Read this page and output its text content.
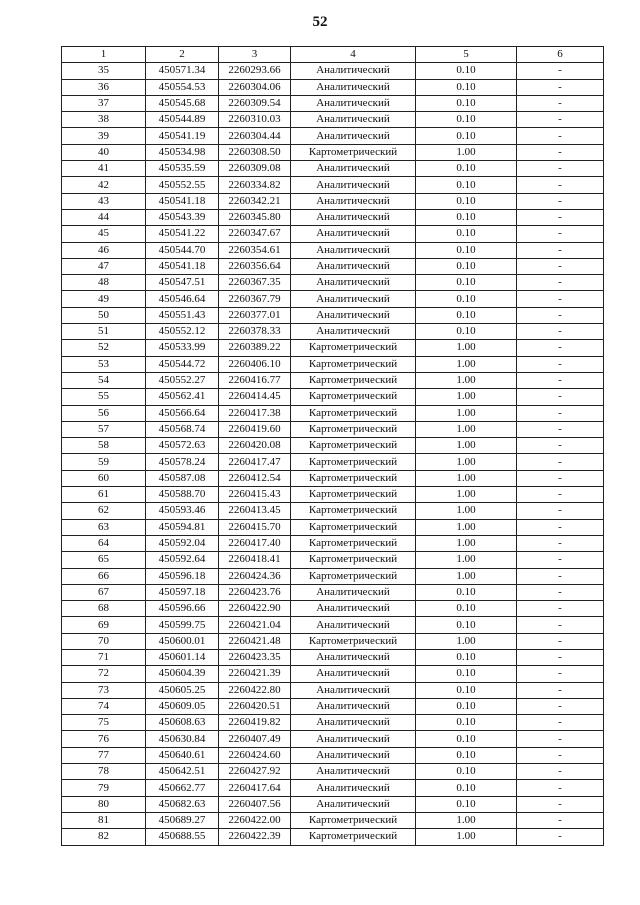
52
1	2	3	4	5	6
35	450571.34	2260293.66	Аналитический	0.10	-
36	450554.53	2260304.06	Аналитический	0.10	-
37	450545.68	2260309.54	Аналитический	0.10	-
38	450544.89	2260310.03	Аналитический	0.10	-
39	450541.19	2260304.44	Аналитический	0.10	-
40	450534.98	2260308.50	Картометрический	1.00	-
41	450535.59	2260309.08	Аналитический	0.10	-
42	450552.55	2260334.82	Аналитический	0.10	-
43	450541.18	2260342.21	Аналитический	0.10	-
44	450543.39	2260345.80	Аналитический	0.10	-
45	450541.22	2260347.67	Аналитический	0.10	-
46	450544.70	2260354.61	Аналитический	0.10	-
47	450541.18	2260356.64	Аналитический	0.10	-
48	450547.51	2260367.35	Аналитический	0.10	-
49	450546.64	2260367.79	Аналитический	0.10	-
50	450551.43	2260377.01	Аналитический	0.10	-
51	450552.12	2260378.33	Аналитический	0.10	-
52	450533.99	2260389.22	Картометрический	1.00	-
53	450544.72	2260406.10	Картометрический	1.00	-
54	450552.27	2260416.77	Картометрический	1.00	-
55	450562.41	2260414.45	Картометрический	1.00	-
56	450566.64	2260417.38	Картометрический	1.00	-
57	450568.74	2260419.60	Картометрический	1.00	-
58	450572.63	2260420.08	Картометрический	1.00	-
59	450578.24	2260417.47	Картометрический	1.00	-
60	450587.08	2260412.54	Картометрический	1.00	-
61	450588.70	2260415.43	Картометрический	1.00	-
62	450593.46	2260413.45	Картометрический	1.00	-
63	450594.81	2260415.70	Картометрический	1.00	-
64	450592.04	2260417.40	Картометрический	1.00	-
65	450592.64	2260418.41	Картометрический	1.00	-
66	450596.18	2260424.36	Картометрический	1.00	-
67	450597.18	2260423.76	Аналитический	0.10	-
68	450596.66	2260422.90	Аналитический	0.10	-
69	450599.75	2260421.04	Аналитический	0.10	-
70	450600.01	2260421.48	Картометрический	1.00	-
71	450601.14	2260423.35	Аналитический	0.10	-
72	450604.39	2260421.39	Аналитический	0.10	-
73	450605.25	2260422.80	Аналитический	0.10	-
74	450609.05	2260420.51	Аналитический	0.10	-
75	450608.63	2260419.82	Аналитический	0.10	-
76	450630.84	2260407.49	Аналитический	0.10	-
77	450640.61	2260424.60	Аналитический	0.10	-
78	450642.51	2260427.92	Аналитический	0.10	-
79	450662.77	2260417.64	Аналитический	0.10	-
80	450682.63	2260407.56	Аналитический	0.10	-
81	450689.27	2260422.00	Картометрический	1.00	-
82	450688.55	2260422.39	Картометрический	1.00	-
